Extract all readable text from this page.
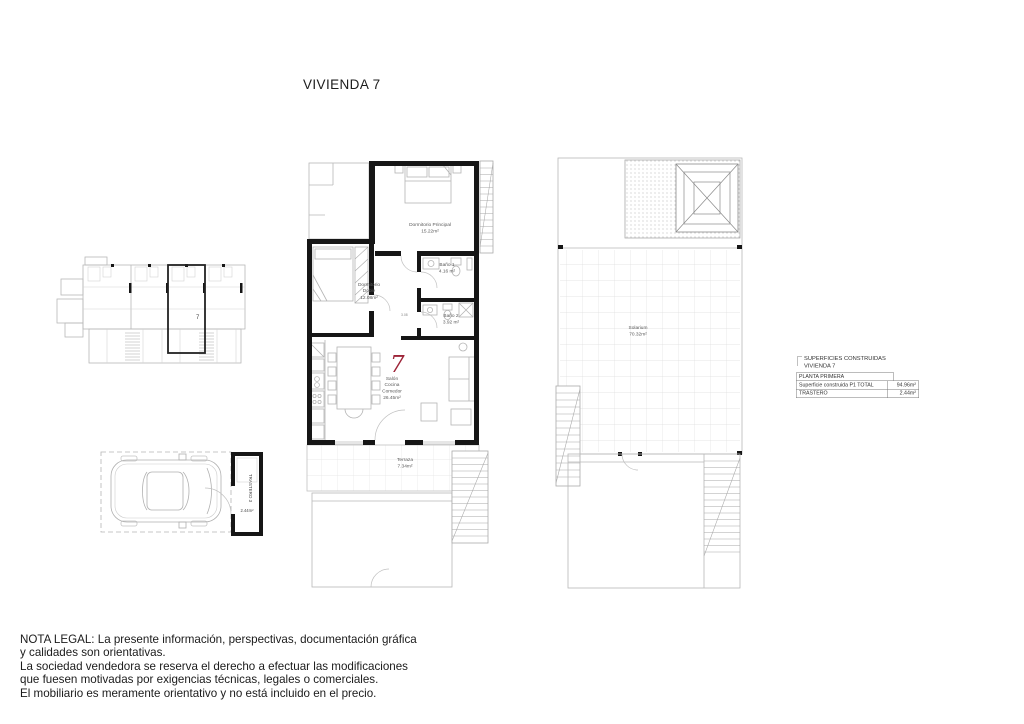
VIVIENDA 7
7	3.08
TRASTERO 3
2.44m²
Dormitorio Principal
15.22m²
Baño 1
4.16 m²
Dormitorio Doble
12.08m²
Baño 2
3.92 m²
Salón Cocina Comedor
26.45m²
Terraza
7.34m²
Solarium
70.32m²
7	SUPERFICIES CONSTRUIDAS
VIVIENDA 7
PLANTA PRIMERA
Superficie construida P1 TOTAL	94.96m²
TRASTERO	2.44m²
NOTA LEGAL: La presente información, perspectivas, documentación gráfica
y calidades son orientativas.
La sociedad vendedora se reserva el derecho a efectuar las modificaciones
que fuesen motivadas por exigencias técnicas, legales o comerciales.
El mobiliario es meramente orientativo y no está incluido en el precio.
